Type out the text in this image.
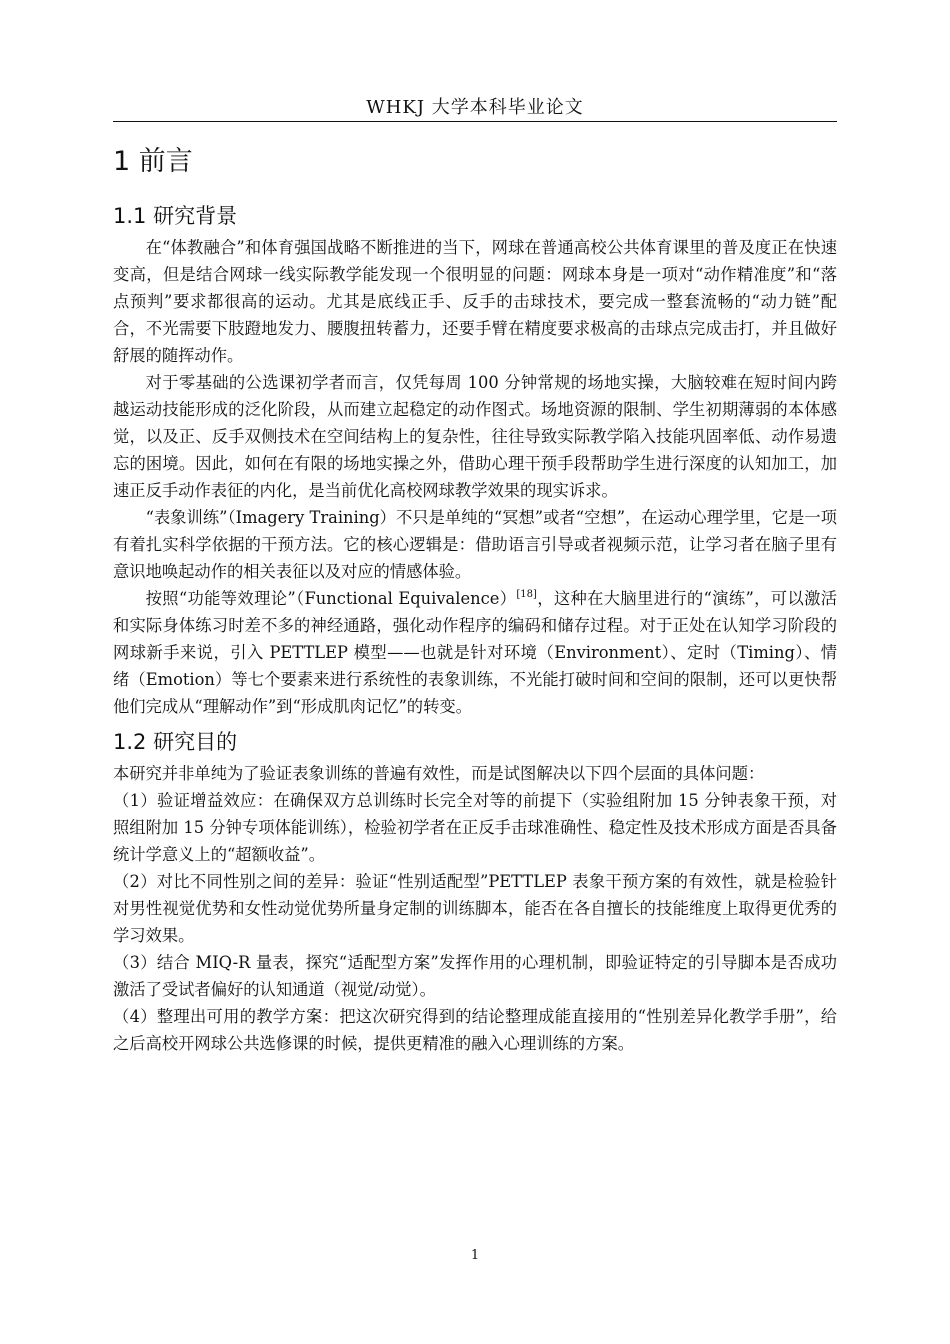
WHKJ 大学本科毕业论文
1 前言
1.1 研究背景

在“体教融合”和体育强国战略不断推进的当下，网球在普通高校公共体育课里的普及度正在快速变高，但是结合网球一线实际教学能发现一个很明显的问题：网球本身是一项对“动作精准度”和“落点预判”要求都很高的运动。尤其是底线正手、反手的击球技术，要完成一整套流畅的“动力链”配合，不光需要下肢蹬地发力、腰腹扭转蓄力，还要手臂在精度要求极高的击球点完成击打，并且做好舒展的随挥动作。

对于零基础的公选课初学者而言，仅凭每周 100 分钟常规的场地实操，大脑较难在短时间内跨越运动技能形成的泛化阶段，从而建立起稳定的动作图式。场地资源的限制、学生初期薄弱的本体感觉，以及正、反手双侧技术在空间结构上的复杂性，往往导致实际教学陷入技能巩固率低、动作易遗忘的困境。因此，如何在有限的场地实操之外，借助心理干预手段帮助学生进行深度的认知加工，加速正反手动作表征的内化，是当前优化高校网球教学效果的现实诉求。

“表象训练”（Imagery Training）不只是单纯的“冥想”或者“空想”，在运动心理学里，它是一项有着扎实科学依据的干预方法。它的核心逻辑是：借助语言引导或者视频示范，让学习者在脑子里有意识地唤起动作的相关表征以及对应的情感体验。

按照“功能等效理论”（Functional Equivalence）[18]，这种在大脑里进行的“演练”，可以激活和实际身体练习时差不多的神经通路，强化动作程序的编码和储存过程。对于正处在认知学习阶段的网球新手来说，引入 PETTLEP 模型——也就是针对环境（Environment）、定时（Timing）、情绪（Emotion）等七个要素来进行系统性的表象训练，不光能打破时间和空间的限制，还可以更快帮他们完成从“理解动作”到“形成肌肉记忆”的转变。

1.2 研究目的

本研究并非单纯为了验证表象训练的普遍有效性，而是试图解决以下四个层面的具体问题：

（1）验证增益效应：在确保双方总训练时长完全对等的前提下（实验组附加 15 分钟表象干预，对照组附加 15 分钟专项体能训练），检验初学者在正反手击球准确性、稳定性及技术形成方面是否具备统计学意义上的“超额收益”。

（2）对比不同性别之间的差异：验证“性别适配型”PETTLEP 表象干预方案的有效性，就是检验针对男性视觉优势和女性动觉优势所量身定制的训练脚本，能否在各自擅长的技能维度上取得更优秀的学习效果。

（3）结合 MIQ-R 量表，探究“适配型方案”发挥作用的心理机制，即验证特定的引导脚本是否成功激活了受试者偏好的认知通道（视觉/动觉）。

（4）整理出可用的教学方案：把这次研究得到的结论整理成能直接用的“性别差异化教学手册”，给之后高校开网球公共选修课的时候，提供更精准的融入心理训练的方案。

1
